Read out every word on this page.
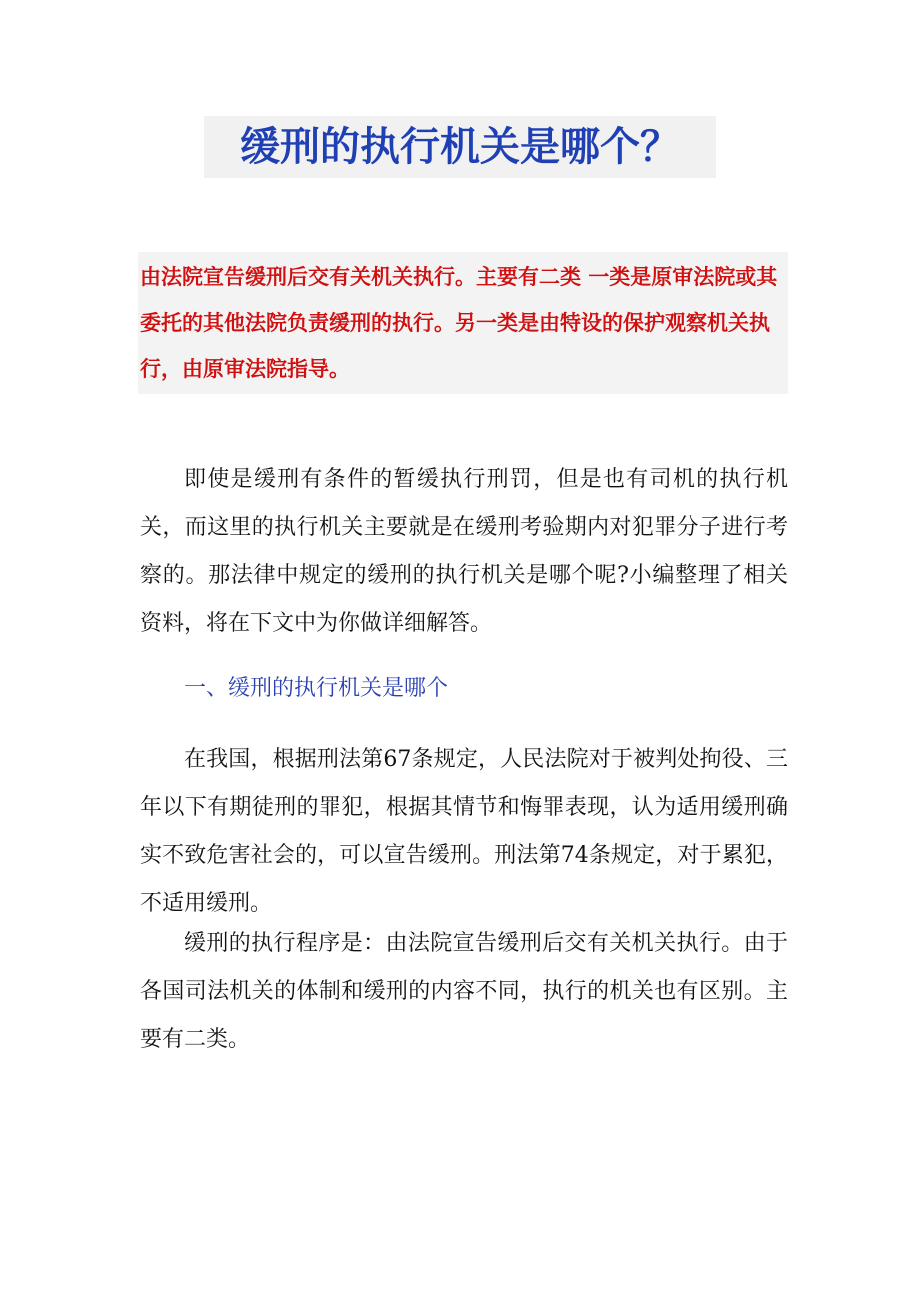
缓刑的执行机关是哪个？

由法院宣告缓刑后交有关机关执行。主要有二类 一类是原审法院或其委托的其他法院负责缓刑的执行。另一类是由特设的保护观察机关执行，由原审法院指导。

即使是缓刑有条件的暂缓执行刑罚，但是也有司机的执行机关，而这里的执行机关主要就是在缓刑考验期内对犯罪分子进行考察的。那法律中规定的缓刑的执行机关是哪个呢?小编整理了相关资料，将在下文中为你做详细解答。

一、缓刑的执行机关是哪个

在我国，根据刑法第67条规定，人民法院对于被判处拘役、三年以下有期徒刑的罪犯，根据其情节和悔罪表现，认为适用缓刑确实不致危害社会的，可以宣告缓刑。刑法第74条规定，对于累犯，不适用缓刑。

缓刑的执行程序是：由法院宣告缓刑后交有关机关执行。由于各国司法机关的体制和缓刑的内容不同，执行的机关也有区别。主要有二类。
